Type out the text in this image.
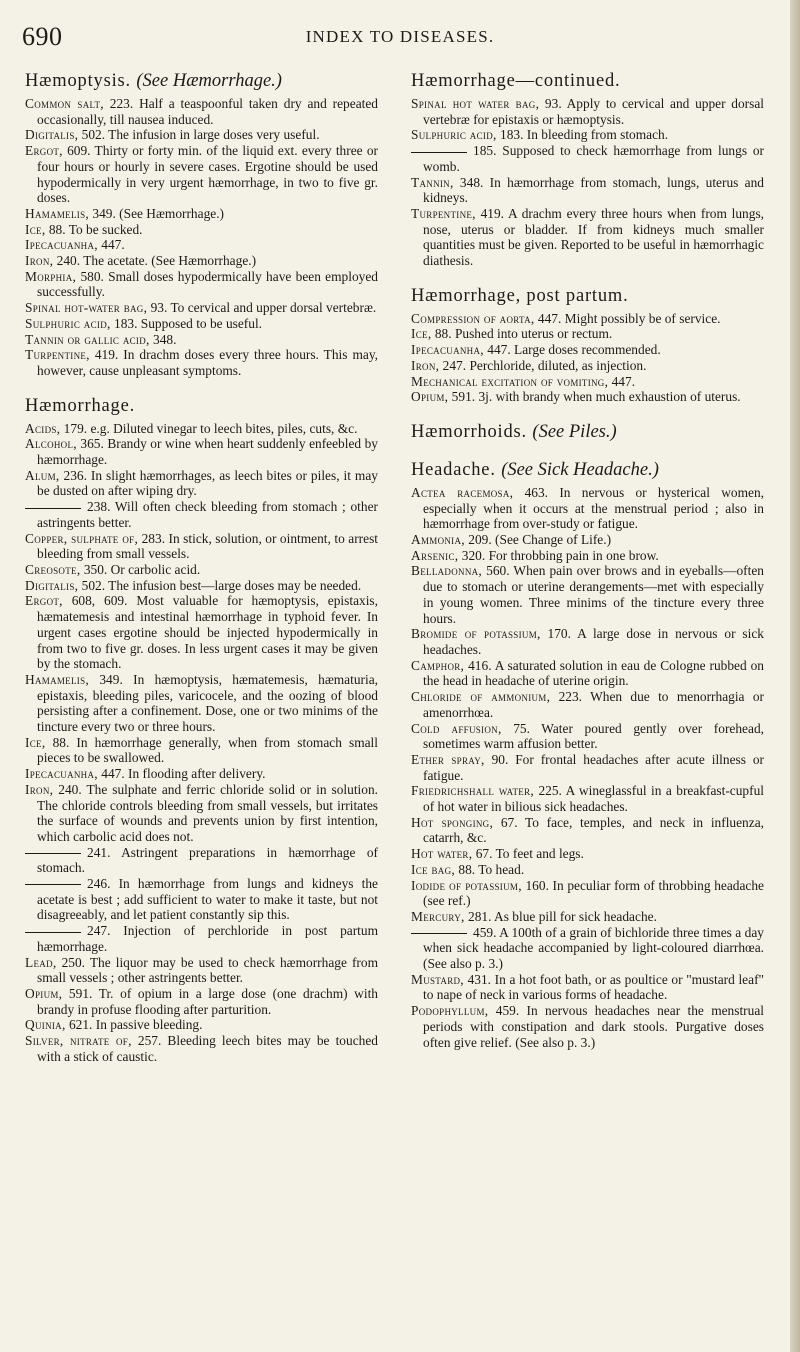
690	INDEX TO DISEASES.
Hæmoptysis. (See Hæmorrhage.)

Common salt, 223. Half a teaspoonful taken dry and repeated occasionally, till nausea induced.

Digitalis, 502. The infusion in large doses very useful.

Ergot, 609. Thirty or forty min. of the liquid ext. every three or four hours or hourly in severe cases. Ergotine should be used hypodermically in very urgent hæmorrhage, in two to five gr. doses.

Hamamelis, 349. (See Hæmorrhage.)

Ice, 88. To be sucked.

Ipecacuanha, 447.

Iron, 240. The acetate. (See Hæmorrhage.)

Morphia, 580. Small doses hypodermically have been employed successfully.

Spinal hot-water bag, 93. To cervical and upper dorsal vertebræ.

Sulphuric acid, 183. Supposed to be useful.

Tannin or gallic acid, 348.

Turpentine, 419. In drachm doses every three hours. This may, however, cause unpleasant symptoms.

Hæmorrhage.

Acids, 179. e.g. Diluted vinegar to leech bites, piles, cuts, &c.

Alcohol, 365. Brandy or wine when heart suddenly enfeebled by hæmorrhage.

Alum, 236. In slight hæmorrhages, as leech bites or piles, it may be dusted on after wiping dry.

238. Will often check bleeding from stomach ; other astringents better.

Copper, sulphate of, 283. In stick, solution, or ointment, to arrest bleeding from small vessels.

Creosote, 350. Or carbolic acid.

Digitalis, 502. The infusion best—large doses may be needed.

Ergot, 608, 609. Most valuable for hæmoptysis, epistaxis, hæmatemesis and intestinal hæmorrhage in typhoid fever. In urgent cases ergotine should be injected hypodermically in from two to five gr. doses. In less urgent cases it may be given by the stomach.

Hamamelis, 349. In hæmoptysis, hæmatemesis, hæmaturia, epistaxis, bleeding piles, varicocele, and the oozing of blood persisting after a confinement. Dose, one or two minims of the tincture every two or three hours.

Ice, 88. In hæmorrhage generally, when from stomach small pieces to be swallowed.

Ipecacuanha, 447. In flooding after delivery.

Iron, 240. The sulphate and ferric chloride solid or in solution. The chloride controls bleeding from small vessels, but irritates the surface of wounds and prevents union by first intention, which carbolic acid does not.

241. Astringent preparations in hæmorrhage of stomach.

246. In hæmorrhage from lungs and kidneys the acetate is best ; add sufficient to water to make it taste, but not disagreeably, and let patient constantly sip this.

247. Injection of perchloride in post partum hæmorrhage.

Lead, 250. The liquor may be used to check hæmorrhage from small vessels ; other astringents better.

Opium, 591. Tr. of opium in a large dose (one drachm) with brandy in profuse flooding after parturition.

Quinia, 621. In passive bleeding.

Silver, nitrate of, 257. Bleeding leech bites may be touched with a stick of caustic.

Hæmorrhage—continued.

Spinal hot water bag, 93. Apply to cervical and upper dorsal vertebræ for epistaxis or hæmoptysis.

Sulphuric acid, 183. In bleeding from stomach.

185. Supposed to check hæmorrhage from lungs or womb.

Tannin, 348. In hæmorrhage from stomach, lungs, uterus and kidneys.

Turpentine, 419. A drachm every three hours when from lungs, nose, uterus or bladder. If from kidneys much smaller quantities must be given. Reported to be useful in hæmorrhagic diathesis.

Hæmorrhage, post partum.

Compression of aorta, 447. Might possibly be of service.

Ice, 88. Pushed into uterus or rectum.

Ipecacuanha, 447. Large doses recommended.

Iron, 247. Perchloride, diluted, as injection.

Mechanical excitation of vomiting, 447.

Opium, 591. 3j. with brandy when much exhaustion of uterus.

Hæmorrhoids. (See Piles.)
Headache. (See Sick Headache.)

Actea racemosa, 463. In nervous or hysterical women, especially when it occurs at the menstrual period ; also in hæmorrhage from over-study or fatigue.

Ammonia, 209. (See Change of Life.)

Arsenic, 320. For throbbing pain in one brow.

Belladonna, 560. When pain over brows and in eyeballs—often due to stomach or uterine derangements—met with especially in young women. Three minims of the tincture every three hours.

Bromide of potassium, 170. A large dose in nervous or sick headaches.

Camphor, 416. A saturated solution in eau de Cologne rubbed on the head in headache of uterine origin.

Chloride of ammonium, 223. When due to menorrhagia or amenorrhœa.

Cold affusion, 75. Water poured gently over forehead, sometimes warm affusion better.

Ether spray, 90. For frontal headaches after acute illness or fatigue.

Friedrichshall water, 225. A wineglassful in a breakfast-cupful of hot water in bilious sick headaches.

Hot sponging, 67. To face, temples, and neck in influenza, catarrh, &c.

Hot water, 67. To feet and legs.

Ice bag, 88. To head.

Iodide of potassium, 160. In peculiar form of throbbing headache (see ref.)

Mercury, 281. As blue pill for sick headache.

459. A 100th of a grain of bichloride three times a day when sick headache accompanied by light-coloured diarrhœa. (See also p. 3.)

Mustard, 431. In a hot foot bath, or as poultice or "mustard leaf" to nape of neck in various forms of headache.

Podophyllum, 459. In nervous headaches near the menstrual periods with constipation and dark stools. Purgative doses often give relief. (See also p. 3.)
